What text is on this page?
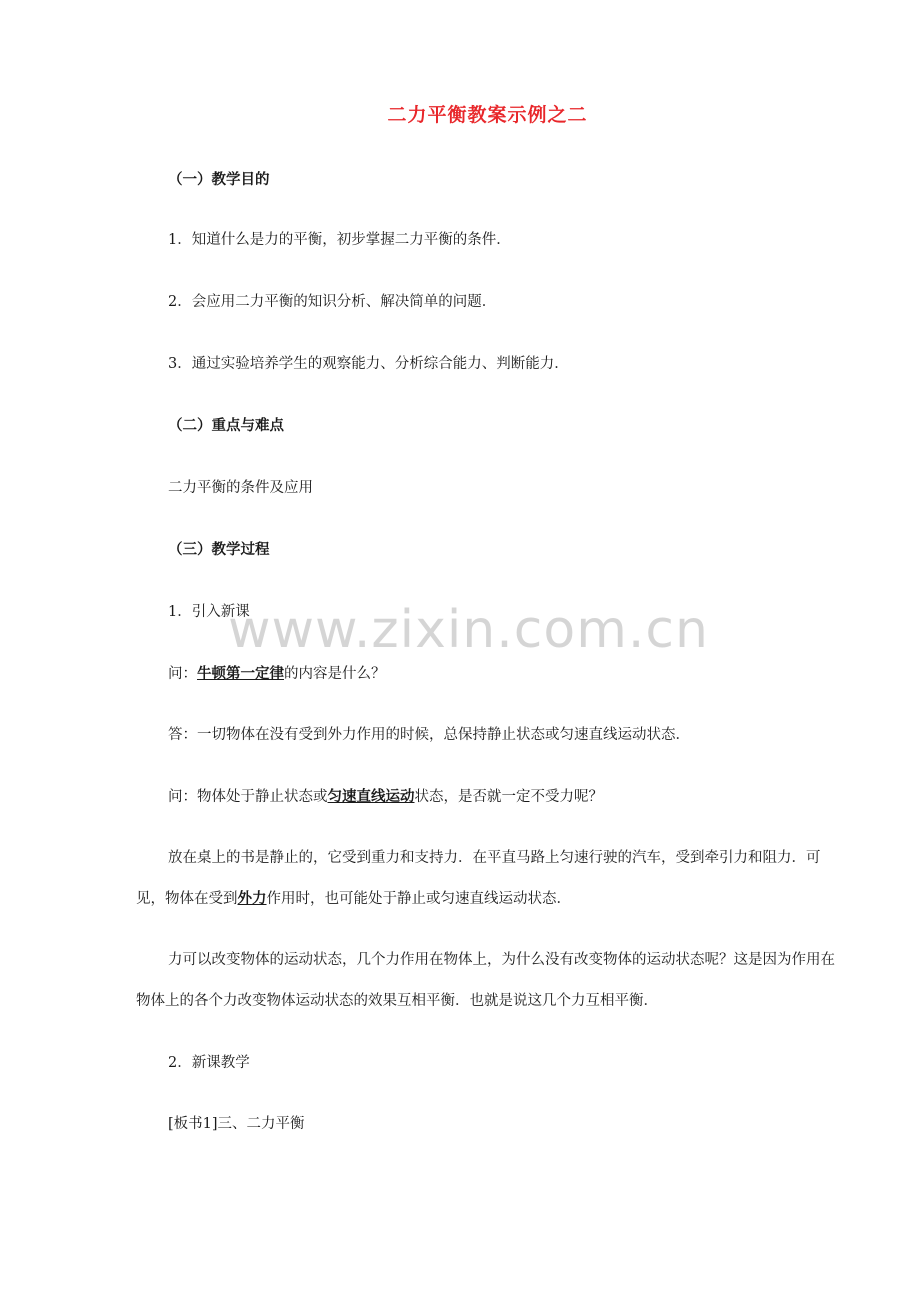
二力平衡教案示例之二
（一）教学目的
1．知道什么是力的平衡，初步掌握二力平衡的条件．
2．会应用二力平衡的知识分析、解决简单的问题．
3．通过实验培养学生的观察能力、分析综合能力、判断能力．
（二）重点与难点
二力平衡的条件及应用
（三）教学过程
1．引入新课
问：牛顿第一定律的内容是什么？
答：一切物体在没有受到外力作用的时候，总保持静止状态或匀速直线运动状态．
问：物体处于静止状态或匀速直线运动状态，是否就一定不受力呢？
放在桌上的书是静止的，它受到重力和支持力．在平直马路上匀速行驶的汽车，受到牵引力和阻力．可见，物体在受到外力作用时，也可能处于静止或匀速直线运动状态．
力可以改变物体的运动状态，几个力作用在物体上，为什么没有改变物体的运动状态呢？这是因为作用在物体上的各个力改变物体运动状态的效果互相平衡．也就是说这几个力互相平衡．
2．新课教学
[板书1]三、二力平衡
www.zixin.com.cn
